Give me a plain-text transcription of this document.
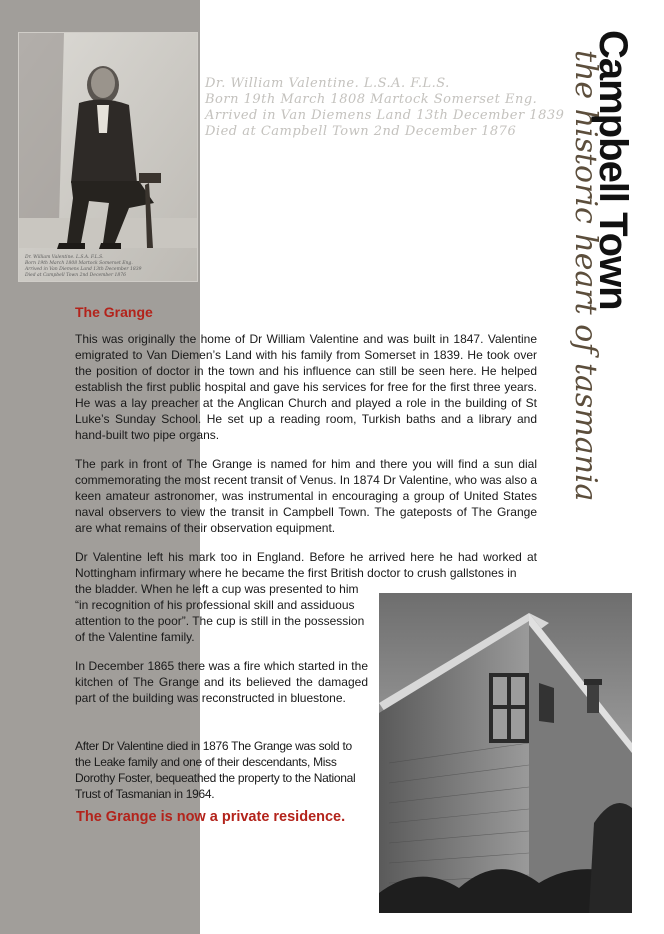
Dr. William Valentine. L.S.A. F.L.S.
Born 19th March 1808 Martock Somerset Eng.
Arrived in Van Diemens Land 13th December 1839
Died at Campbell Town 2nd December 1876
Dr. William Valentine. L.S.A. F.L.S.
Born 19th March 1808 Martock Somerset Eng.
Arrived in Van Diemens Land 13th December 1839
Died at Campbell Town 2nd December 1876	the historic heart of tasmania
Campbell Town
The Grange

This was originally the home of Dr William Valentine and was built in 1847. Valentine emigrated to Van Diemen’s Land with his family from Somerset in 1839. He took over the position of doctor in the town and his influence can still be seen here. He helped establish the first public hospital and gave his services for free for the first three years. He was a lay preacher at the Anglican Church and played a role in the building of St Luke’s Sunday School. He set up a reading room, Turkish baths and a library and hand-built two pipe organs.

The park in front of The Grange is named for him and there you will find a sun dial commemorating the most recent transit of Venus. In 1874 Dr Valentine, who was also a keen amateur astronomer, was instrumental in encouraging a group of United States naval observers to view the transit in Campbell Town. The gateposts of The Grange are what remains of their observation equipment.

Dr Valentine left his mark too in England. Before he arrived here he had worked at Nottingham infirmary where he became the first British doctor to crush gallstones in

the bladder. When he left a cup was presented to him “in recognition of his professional skill and assiduous attention to the poor”. The cup is still in the possession of the Valentine family.

In December 1865 there was a fire which started in the kitchen of The Grange and its believed the damaged part of the building was reconstructed in bluestone.

After Dr Valentine died in 1876 The Grange was sold to the Leake family and one of their descendants, Miss Dorothy Foster, bequeathed the property to the National Trust of Tasmanian in 1964.

The Grange is now a private residence.
